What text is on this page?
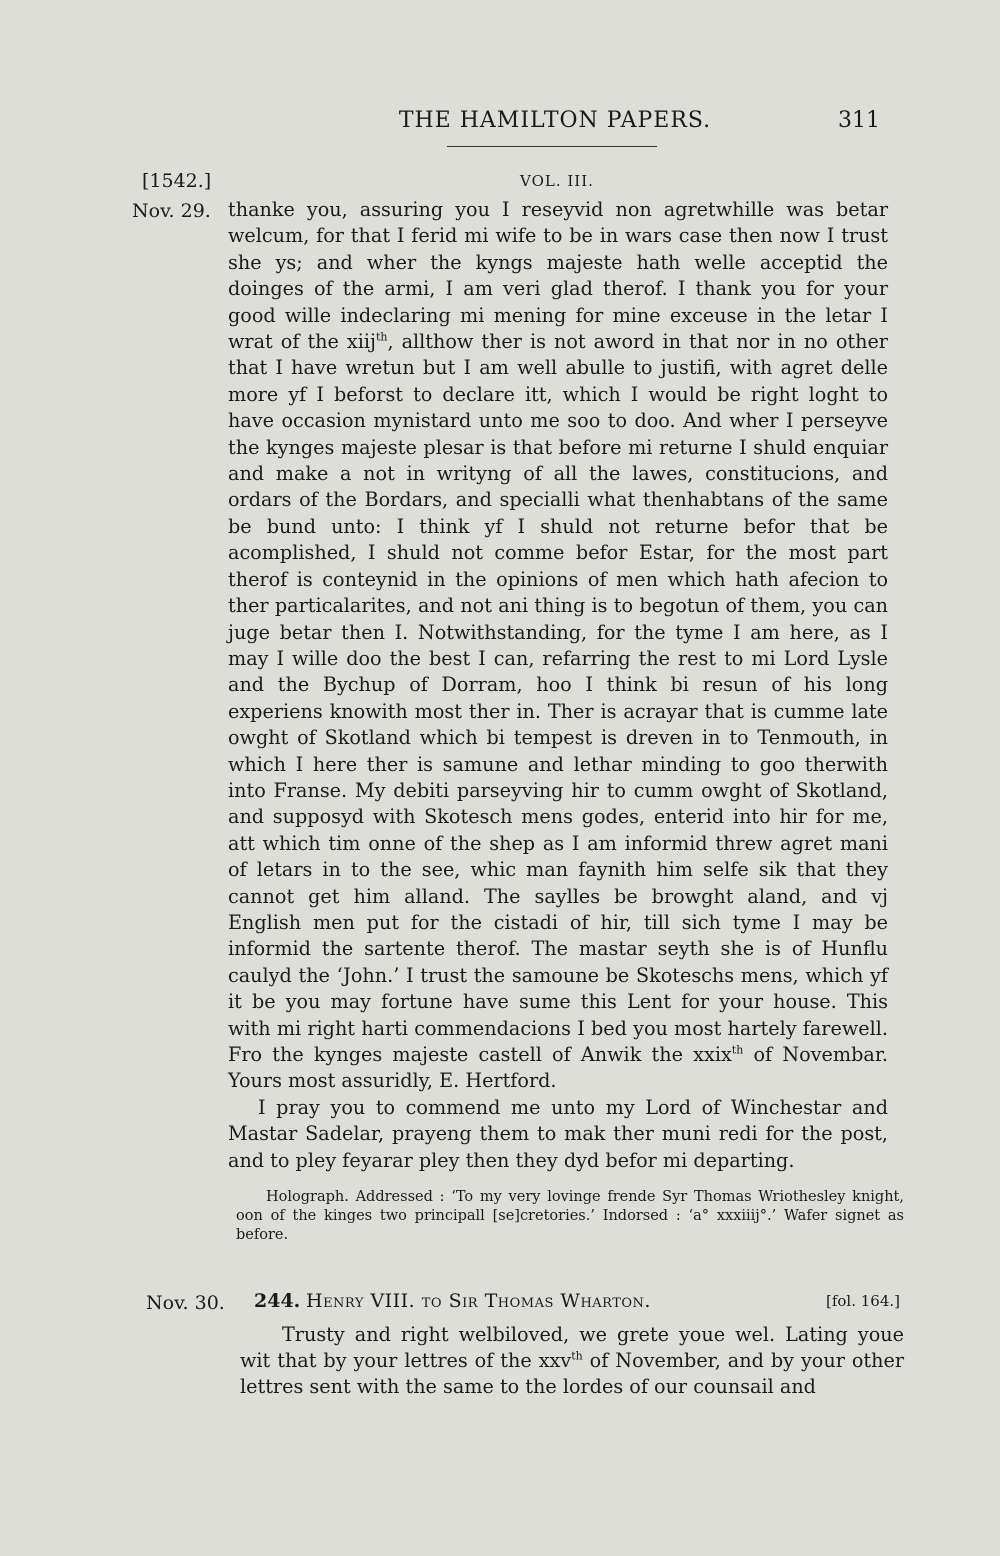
THE HAMILTON PAPERS.	311
[1542.]	VOL. III.
Nov. 29. thanke you, assuring you I reseyvid non agretwhille was betar welcum, for that I ferid mi wife to be in wars case then now I trust she ys; and wher the kyngs majeste hath welle acceptid the doinges of the armi, I am veri glad therof. I thank you for your good wille indeclaring mi mening for mine exceuse in the letar I wrat of the xiij$^{th}$, allthow ther is not aword in that nor in no other that I have wretun but I am well abulle to justifi, with agret delle more yf I beforst to declare itt, which I would be right loght to have occasion mynistard unto me soo to doo. And wher I perseyve the kynges majeste plesar is that before mi returne I shuld enquiar and make a not in writyng of all the lawes, constitucions, and ordars of the Bordars, and specialli what thenhabtans of the same be bund unto: I think yf I shuld not returne befor that be acomplished, I shuld not comme befor Estar, for the most part therof is conteynid in the opinions of men which hath afecion to ther particalarites, and not ani thing is to begotun of them, you can juge betar then I. Notwithstanding, for the tyme I am here, as I may I wille doo the best I can, refarring the rest to mi Lord Lysle and the Bychup of Dorram, hoo I think bi resun of his long experiens knowith most ther in. Ther is acrayar that is cumme late owght of Skotland which bi tempest is dreven in to Tenmouth, in which I here ther is samune and lethar minding to goo therwith into Franse. My debiti parseyving hir to cumm owght of Skotland, and supposyd with Skotesch mens godes, enterid into hir for me, att which tim onne of the shep as I am informid threw agret mani of letars in to the see, whic man faynith him selfe sik that they cannot get him alland. The saylles be browght aland, and vj English men put for the cistadi of hir, till sich tyme I may be informid the sartente therof. The mastar seyth she is of Hunflu caulyd the ‘John.’ I trust the samoune be Skoteschs mens, which yf it be you may fortune have sume this Lent for your house. This with mi right harti commendacions I bed you most hartely farewell. Fro the kynges majeste castell of Anwik the xxix$^{th}$ of Novembar. Yours most assuridly, E. Hertford.

I pray you to commend me unto my Lord of Winchestar and Mastar Sadelar, prayeng them to mak ther muni redi for the post, and to pley feyarar pley then they dyd befor mi departing.

Holograph. Addressed : ‘To my very lovinge frende Syr Thomas Wriothesley knight, oon of the kinges two principall [se]cretories.’ Indorsed : ‘a° xxxiiij°.’ Wafer signet as before.

Nov. 30. 244. Henry VIII. to Sir Thomas Wharton.	[fol. 164.]

Trusty and right welbiloved, we grete youe wel. Lating youe wit that by your lettres of the xxv$^{th}$ of November, and by your other lettres sent with the same to the lordes of our counsail and
